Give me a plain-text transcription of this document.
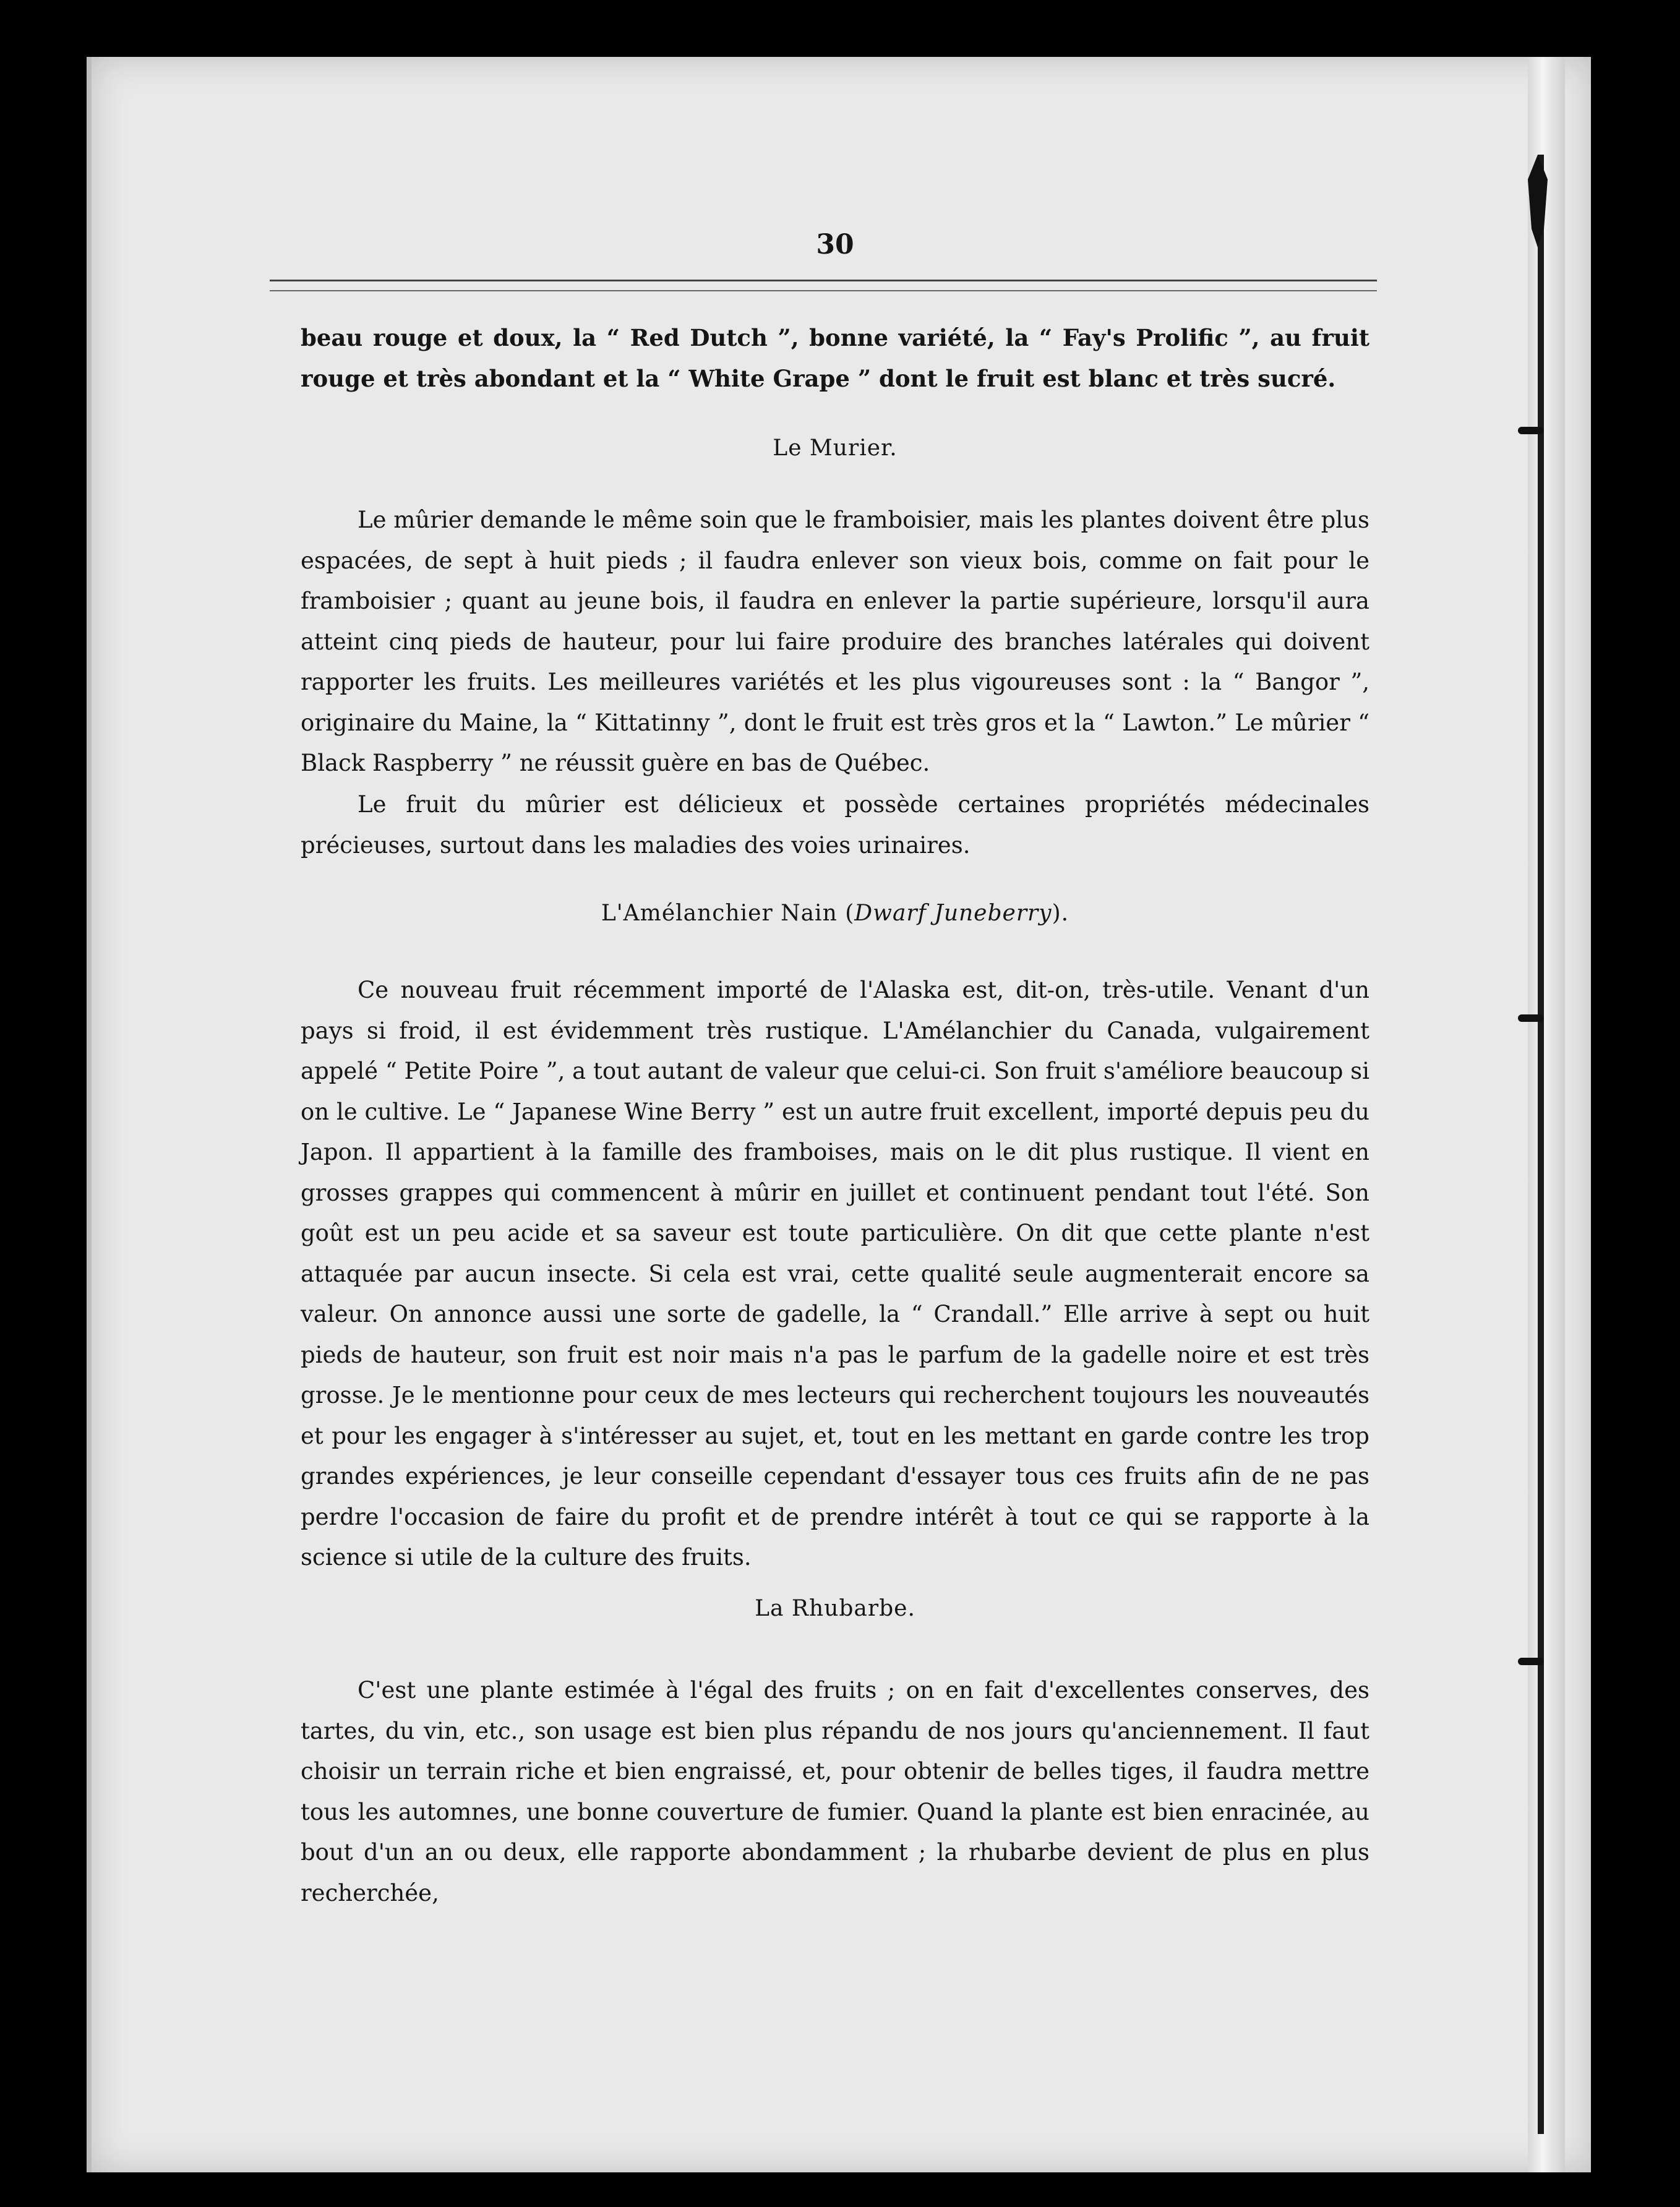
30

beau rouge et doux, la “ Red Dutch ”, bonne variété, la “ Fay's Prolific ”, au fruit rouge et très abondant et la “ White Grape ” dont le fruit est blanc et très sucré.

Le Murier.

Le mûrier demande le même soin que le framboisier, mais les plantes doivent être plus espacées, de sept à huit pieds ; il faudra enlever son vieux bois, comme on fait pour le framboisier ; quant au jeune bois, il faudra en enlever la partie supérieure, lorsqu'il aura atteint cinq pieds de hauteur, pour lui faire produire des branches latérales qui doivent rapporter les fruits. Les meilleures variétés et les plus vigoureuses sont : la “ Bangor ”, originaire du Maine, la “ Kittatinny ”, dont le fruit est très gros et la “ Lawton.” Le mûrier “ Black Raspberry ” ne réussit guère en bas de Québec.

Le fruit du mûrier est délicieux et possède certaines propriétés médecinales précieuses, surtout dans les maladies des voies urinaires.

L'Amélanchier Nain (Dwarf Juneberry).

Ce nouveau fruit récemment importé de l'Alaska est, dit-on, très-utile. Venant d'un pays si froid, il est évidemment très rustique. L'Amélanchier du Canada, vulgairement appelé “ Petite Poire ”, a tout autant de valeur que celui-ci. Son fruit s'améliore beaucoup si on le cultive. Le “ Japanese Wine Berry ” est un autre fruit excellent, importé depuis peu du Japon. Il appartient à la famille des framboises, mais on le dit plus rustique. Il vient en grosses grappes qui commencent à mûrir en juillet et continuent pendant tout l'été. Son goût est un peu acide et sa saveur est toute particulière. On dit que cette plante n'est attaquée par aucun insecte. Si cela est vrai, cette qualité seule augmenterait encore sa valeur. On annonce aussi une sorte de gadelle, la “ Crandall.” Elle arrive à sept ou huit pieds de hauteur, son fruit est noir mais n'a pas le parfum de la gadelle noire et est très grosse. Je le mentionne pour ceux de mes lecteurs qui recherchent toujours les nouveautés et pour les engager à s'intéresser au sujet, et, tout en les mettant en garde contre les trop grandes expériences, je leur conseille cependant d'essayer tous ces fruits afin de ne pas perdre l'occasion de faire du profit et de prendre intérêt à tout ce qui se rapporte à la science si utile de la culture des fruits.

La Rhubarbe.

C'est une plante estimée à l'égal des fruits ; on en fait d'excellentes conserves, des tartes, du vin, etc., son usage est bien plus répandu de nos jours qu'anciennement. Il faut choisir un terrain riche et bien engraissé, et, pour obtenir de belles tiges, il faudra mettre tous les automnes, une bonne couverture de fumier. Quand la plante est bien enracinée, au bout d'un an ou deux, elle rapporte abondamment ; la rhubarbe devient de plus en plus recherchée,
